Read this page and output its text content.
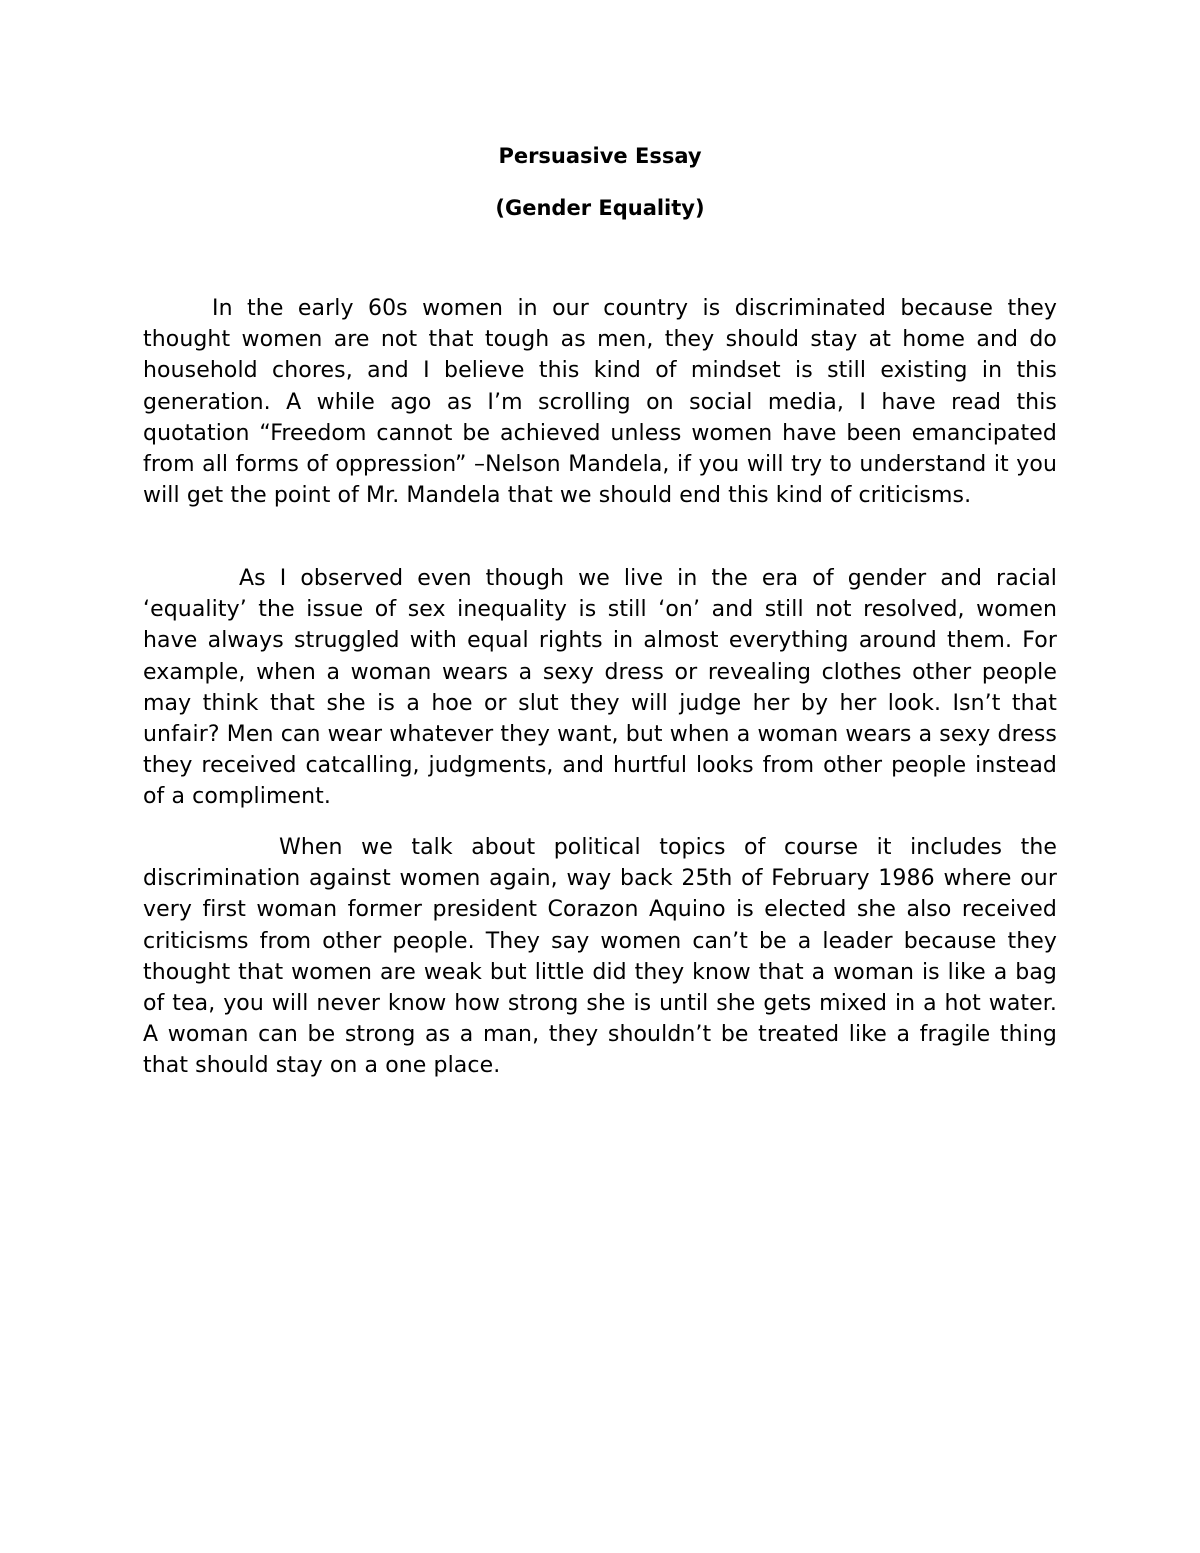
Persuasive Essay
(Gender Equality)

In the early 60s women in our country is discriminated because they thought women are not that tough as men, they should stay at home and do household chores, and I believe this kind of mindset is still existing in this generation. A while ago as I’m scrolling on social media, I have read this quotation “Freedom cannot be achieved unless women have been emancipated from all forms of oppression” –Nelson Mandela, if you will try to understand it you will get the point of Mr. Mandela that we should end this kind of criticisms.

As I observed even though we live in the era of gender and racial ‘equality’ the issue of sex inequality is still ‘on’ and still not resolved, women have always struggled with equal rights in almost everything around them. For example, when a woman wears a sexy dress or revealing clothes other people may think that she is a hoe or slut they will judge her by her look. Isn’t that unfair? Men can wear whatever they want, but when a woman wears a sexy dress they received catcalling, judgments, and hurtful looks from other people instead of a compliment.

When we talk about political topics of course it includes the discrimination against women again, way back 25th of February 1986 where our very first woman former president Corazon Aquino is elected she also received criticisms from other people. They say women can’t be a leader because they thought that women are weak but little did they know that a woman is like a bag of tea, you will never know how strong she is until she gets mixed in a hot water. A woman can be strong as a man, they shouldn’t be treated like a fragile thing that should stay on a one place.
